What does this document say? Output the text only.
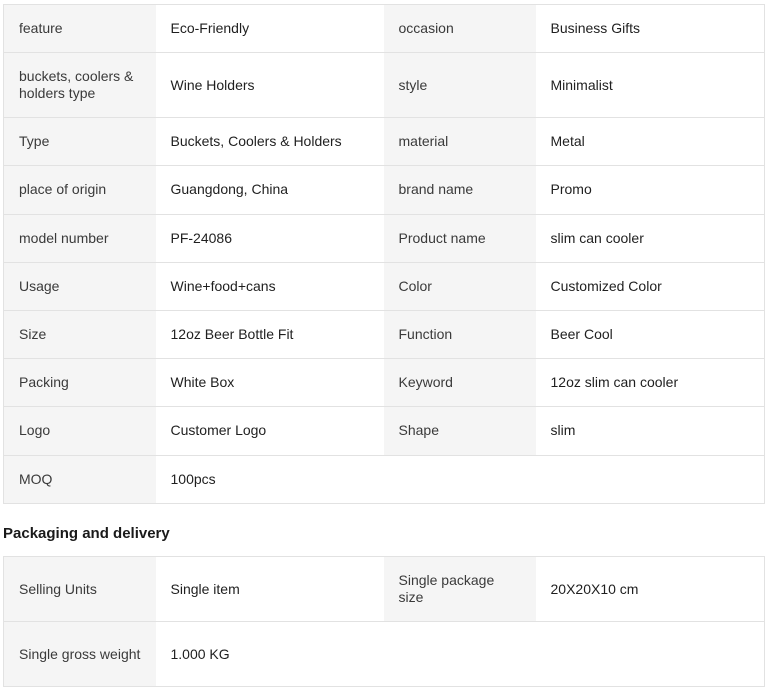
feature	Eco-Friendly	occasion	Business Gifts
buckets, coolers & holders type	Wine Holders	style	Minimalist
Type	Buckets, Coolers & Holders	material	Metal
place of origin	Guangdong, China	brand name	Promo
model number	PF-24086	Product name	slim can cooler
Usage	Wine+food+cans	Color	Customized Color
Size	12oz Beer Bottle Fit	Function	Beer Cool
Packing	White Box	Keyword	12oz slim can cooler
Logo	Customer Logo	Shape	slim
MOQ	100pcs		
Packaging and delivery
Selling Units	Single item	Single package size	20X20X10 cm
Single gross weight	1.000 KG		
